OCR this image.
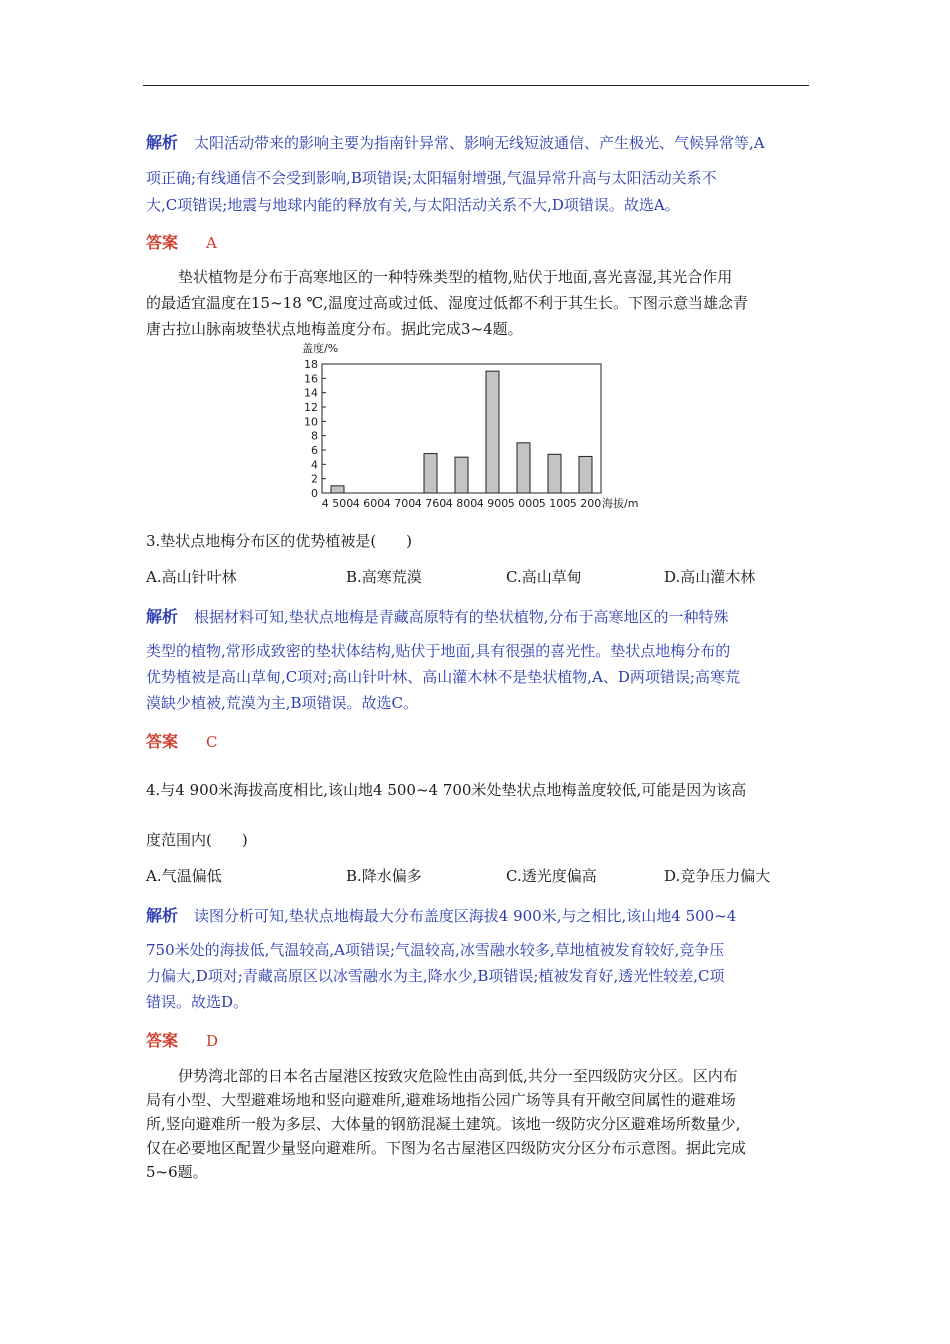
解析 太阳活动带来的影响主要为指南针异常、影响无线短波通信、产生极光、气候异常等,A
项正确;有线通信不会受到影响,B项错误;太阳辐射增强,气温异常升高与太阳活动关系不
大,C项错误;地震与地球内能的释放有关,与太阳活动关系不大,D项错误。故选A。
答案 A
垫状植物是分布于高寒地区的一种特殊类型的植物,贴伏于地面,喜光喜湿,其光合作用
的最适宜温度在15~18 ℃,温度过高或过低、湿度过低都不利于其生长。下图示意当雄念青
唐古拉山脉南坡垫状点地梅盖度分布。据此完成3~4题。
盖度/%
0
2
4
6
8
10
12
14
16
18
4 500 4 600 4 700 4 760 4 800 4 900 5 000 5 100 5 200 海拔/m
3.垫状点地梅分布区的优势植被是(　　)
A.高山针叶林	B.高寒荒漠	C.高山草甸	D.高山灌木林
解析 根据材料可知,垫状点地梅是青藏高原特有的垫状植物,分布于高寒地区的一种特殊
类型的植物,常形成致密的垫状体结构,贴伏于地面,具有很强的喜光性。垫状点地梅分布的
优势植被是高山草甸,C项对;高山针叶林、高山灌木林不是垫状植物,A、D两项错误;高寒荒
漠缺少植被,荒漠为主,B项错误。故选C。
答案 C
4.与4 900米海拔高度相比,该山地4 500~4 700米处垫状点地梅盖度较低,可能是因为该高
度范围内(　　)
A.气温偏低	B.降水偏多	C.透光度偏高	D.竞争压力偏大
解析 读图分析可知,垫状点地梅最大分布盖度区海拔4 900米,与之相比,该山地4 500~4
750米处的海拔低,气温较高,A项错误;气温较高,冰雪融水较多,草地植被发育较好,竞争压
力偏大,D项对;青藏高原区以冰雪融水为主,降水少,B项错误;植被发育好,透光性较差,C项
错误。故选D。
答案 D
伊势湾北部的日本名古屋港区按致灾危险性由高到低,共分一至四级防灾分区。区内布
局有小型、大型避难场地和竖向避难所,避难场地指公园广场等具有开敞空间属性的避难场
所,竖向避难所一般为多层、大体量的钢筋混凝土建筑。该地一级防灾分区避难场所数量少,
仅在必要地区配置少量竖向避难所。下图为名古屋港区四级防灾分区分布示意图。据此完成
5~6题。
